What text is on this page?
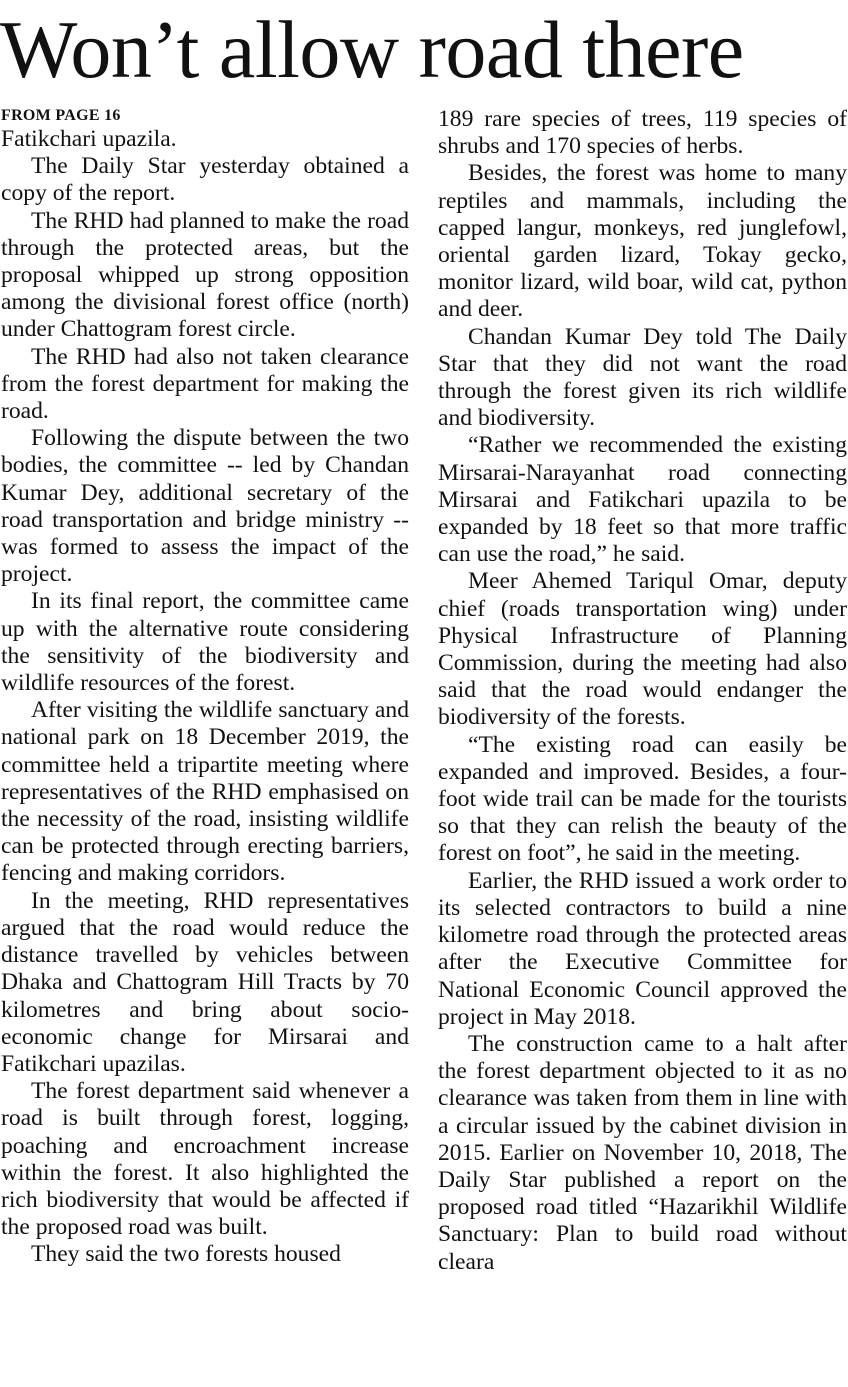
Won’t allow road there
FROM PAGE 16

Fatikchari upazila.

The Daily Star yesterday obtained a copy of the report.

The RHD had planned to make the road through the protected areas, but the proposal whipped up strong opposition among the divisional forest office (north) under Chattogram forest circle.

The RHD had also not taken clearance from the forest department for making the road.

Following the dispute between the two bodies, the committee -- led by Chandan Kumar Dey, additional secretary of the road transportation and bridge ministry -- was formed to assess the impact of the project.

In its final report, the committee came up with the alternative route considering the sensitivity of the biodiversity and wildlife resources of the forest.

After visiting the wildlife sanctuary and national park on 18 December 2019, the committee held a tripartite meeting where representatives of the RHD emphasised on the necessity of the road, insisting wildlife can be protected through erecting barriers, fencing and making corridors.

In the meeting, RHD representatives argued that the road would reduce the distance travelled by vehicles between Dhaka and Chattogram Hill Tracts by 70 kilometres and bring about socio-economic change for Mirsarai and Fatikchari upazilas.

The forest department said whenever a road is built through forest, logging, poaching and encroachment increase within the forest. It also highlighted the rich biodiversity that would be affected if the proposed road was built.

They said the two forests housed

189 rare species of trees, 119 species of shrubs and 170 species of herbs.

Besides, the forest was home to many reptiles and mammals, including the capped langur, monkeys, red junglefowl, oriental garden lizard, Tokay gecko, monitor lizard, wild boar, wild cat, python and deer.

Chandan Kumar Dey told The Daily Star that they did not want the road through the forest given its rich wildlife and biodiversity.

“Rather we recommended the existing Mirsarai-Narayanhat road connecting Mirsarai and Fatikchari upazila to be expanded by 18 feet so that more traffic can use the road,” he said.

Meer Ahemed Tariqul Omar, deputy chief (roads transportation wing) under Physical Infrastructure of Planning Commission, during the meeting had also said that the road would endanger the biodiversity of the forests.

“The existing road can easily be expanded and improved. Besides, a four-foot wide trail can be made for the tourists so that they can relish the beauty of the forest on foot”, he said in the meeting.

Earlier, the RHD issued a work order to its selected contractors to build a nine kilometre road through the protected areas after the Executive Committee for National Economic Council approved the project in May 2018.

The construction came to a halt after the forest department objected to it as no clearance was taken from them in line with a circular issued by the cabinet division in 2015. Earlier on November 10, 2018, The Daily Star published a report on the proposed road titled “Hazarikhil Wildlife Sanctuary: Plan to build road without cleara
